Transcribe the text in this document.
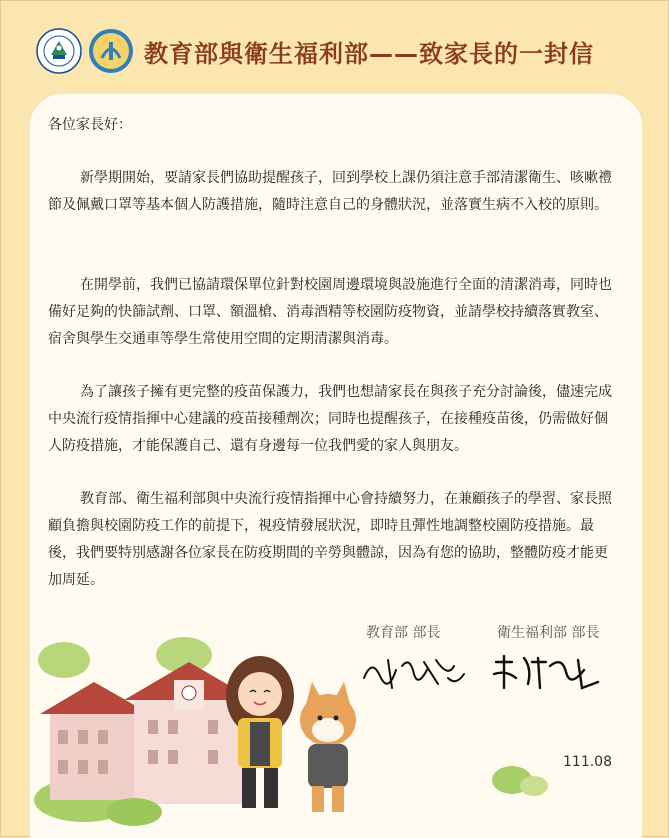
教育部與衛生福利部——致家長的一封信
各位家長好：

新學期開始，要請家長們協助提醒孩子，回到學校上課仍須注意手部清潔衛生、咳嗽禮節及佩戴口罩等基本個人防護措施，隨時注意自己的身體狀況，並落實生病不入校的原則。

在開學前，我們已協請環保單位針對校園周邊環境與設施進行全面的清潔消毒，同時也備好足夠的快篩試劑、口罩、額溫槍、消毒酒精等校園防疫物資，並請學校持續落實教室、宿舍與學生交通車等學生常使用空間的定期清潔與消毒。

為了讓孩子擁有更完整的疫苗保護力，我們也想請家長在與孩子充分討論後，儘速完成中央流行疫情指揮中心建議的疫苗接種劑次；同時也提醒孩子，在接種疫苗後，仍需做好個人防疫措施，才能保護自己、還有身邊每一位我們愛的家人與朋友。

教育部、衛生福利部與中央流行疫情指揮中心會持續努力，在兼顧孩子的學習、家長照顧負擔與校園防疫工作的前提下，視疫情發展狀況，即時且彈性地調整校園防疫措施。最後，我們要特別感謝各位家長在防疫期間的辛勞與體諒，因為有您的協助，整體防疫才能更加周延。

教育部 部長	衛生福利部 部長
111.08
